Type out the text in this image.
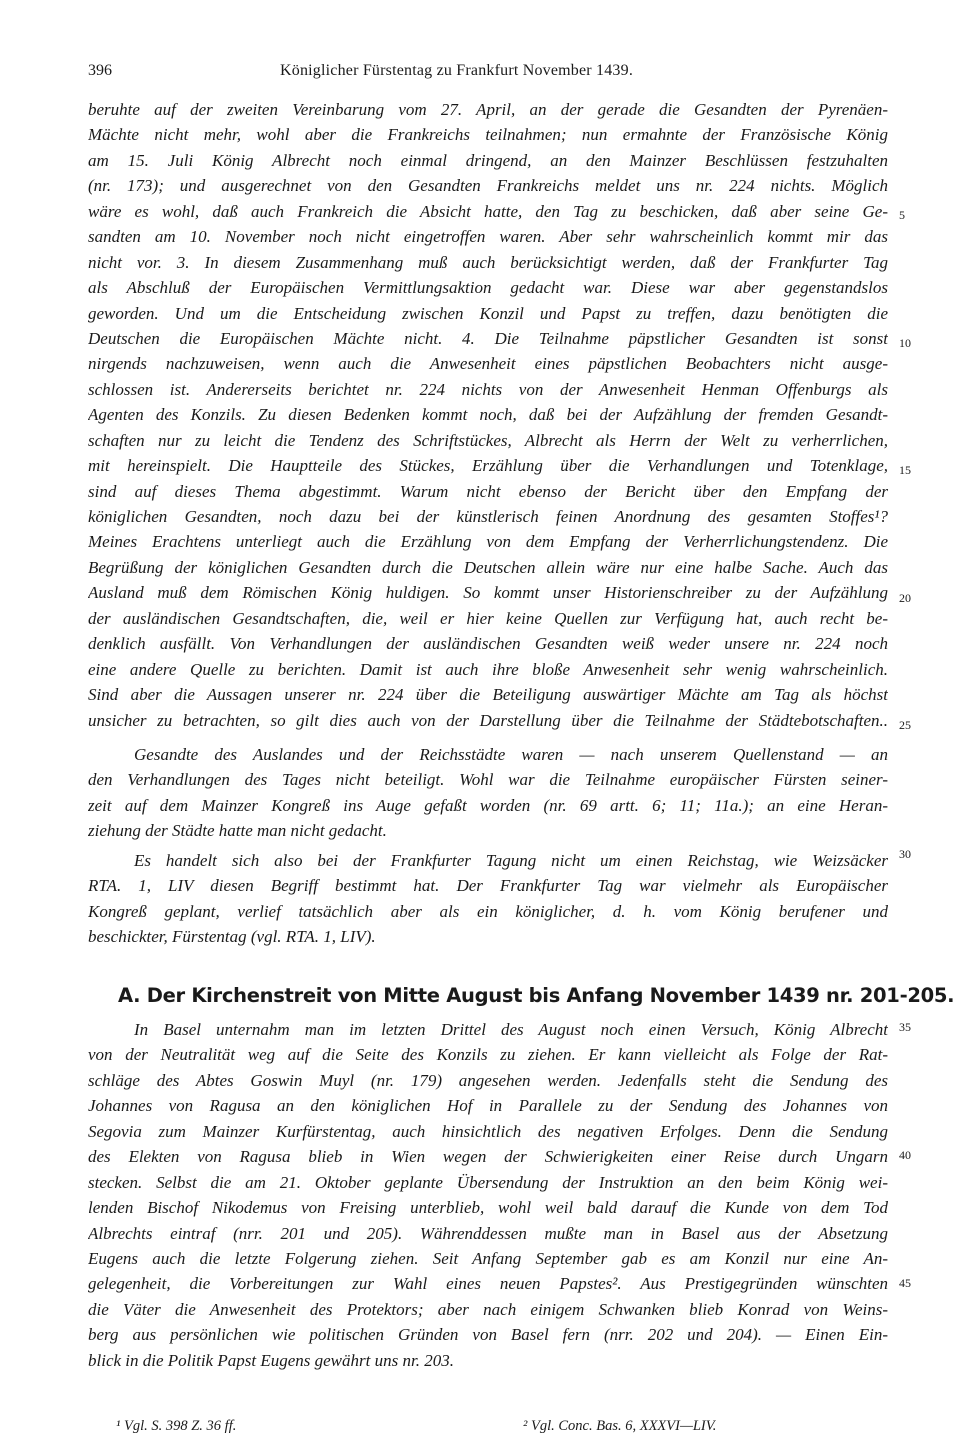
396	Königlicher Fürstentag zu Frankfurt November 1439.
beruhte auf der zweiten Vereinbarung vom 27. April, an der gerade die Gesandten der Pyrenäen-
Mächte nicht mehr, wohl aber die Frankreichs teilnahmen; nun ermahnte der Französische König
am 15. Juli König Albrecht noch einmal dringend, an den Mainzer Beschlüssen festzuhalten
(nr. 173); und ausgerechnet von den Gesandten Frankreichs meldet uns nr. 224 nichts. Möglich
wäre es wohl, daß auch Frankreich die Absicht hatte, den Tag zu beschicken, daß aber seine Ge-
sandten am 10. November noch nicht eingetroffen waren. Aber sehr wahrscheinlich kommt mir das
nicht vor. 3. In diesem Zusammenhang muß auch berücksichtigt werden, daß der Frankfurter Tag
als Abschluß der Europäischen Vermittlungsaktion gedacht war. Diese war aber gegenstandslos
geworden. Und um die Entscheidung zwischen Konzil und Papst zu treffen, dazu benötigten die
Deutschen die Europäischen Mächte nicht. 4. Die Teilnahme päpstlicher Gesandten ist sonst
nirgends nachzuweisen, wenn auch die Anwesenheit eines päpstlichen Beobachters nicht ausge-
schlossen ist. Andererseits berichtet nr. 224 nichts von der Anwesenheit Henman Offenburgs als
Agenten des Konzils. Zu diesen Bedenken kommt noch, daß bei der Aufzählung der fremden Gesandt-
schaften nur zu leicht die Tendenz des Schriftstückes, Albrecht als Herrn der Welt zu verherrlichen,
mit hereinspielt. Die Hauptteile des Stückes, Erzählung über die Verhandlungen und Totenklage,
sind auf dieses Thema abgestimmt. Warum nicht ebenso der Bericht über den Empfang der
königlichen Gesandten, noch dazu bei der künstlerisch feinen Anordnung des gesamten Stoffes¹?
Meines Erachtens unterliegt auch die Erzählung von dem Empfang der Verherrlichungstendenz. Die
Begrüßung der königlichen Gesandten durch die Deutschen allein wäre nur eine halbe Sache. Auch das
Ausland muß dem Römischen König huldigen. So kommt unser Historienschreiber zu der Aufzählung
der ausländischen Gesandtschaften, die, weil er hier keine Quellen zur Verfügung hat, auch recht be-
denklich ausfällt. Von Verhandlungen der ausländischen Gesandten weiß weder unsere nr. 224 noch
eine andere Quelle zu berichten. Damit ist auch ihre bloße Anwesenheit sehr wenig wahrscheinlich.
Sind aber die Aussagen unserer nr. 224 über die Beteiligung auswärtiger Mächte am Tag als höchst
unsicher zu betrachten, so gilt dies auch von der Darstellung über die Teilnahme der Städtebotschaften..
Gesandte des Auslandes und der Reichsstädte waren — nach unserem Quellenstand — an
den Verhandlungen des Tages nicht beteiligt. Wohl war die Teilnahme europäischer Fürsten seiner-
zeit auf dem Mainzer Kongreß ins Auge gefaßt worden (nr. 69 artt. 6; 11; 11a.); an eine Heran-
ziehung der Städte hatte man nicht gedacht.
Es handelt sich also bei der Frankfurter Tagung nicht um einen Reichstag, wie Weizsäcker
RTA. 1, LIV diesen Begriff bestimmt hat. Der Frankfurter Tag war vielmehr als Europäischer
Kongreß geplant, verlief tatsächlich aber als ein königlicher, d. h. vom König berufener und
beschickter, Fürstentag (vgl. RTA. 1, LIV).
A. Der Kirchenstreit von Mitte August bis Anfang November 1439 nr. 201-205.
In Basel unternahm man im letzten Drittel des August noch einen Versuch, König Albrecht
von der Neutralität weg auf die Seite des Konzils zu ziehen. Er kann vielleicht als Folge der Rat-
schläge des Abtes Goswin Muyl (nr. 179) angesehen werden. Jedenfalls steht die Sendung des
Johannes von Ragusa an den königlichen Hof in Parallele zu der Sendung des Johannes von
Segovia zum Mainzer Kurfürstentag, auch hinsichtlich des negativen Erfolges. Denn die Sendung
des Elekten von Ragusa blieb in Wien wegen der Schwierigkeiten einer Reise durch Ungarn
stecken. Selbst die am 21. Oktober geplante Übersendung der Instruktion an den beim König wei-
lenden Bischof Nikodemus von Freising unterblieb, wohl weil bald darauf die Kunde von dem Tod
Albrechts eintraf (nrr. 201 und 205). Währenddessen mußte man in Basel aus der Absetzung
Eugens auch die letzte Folgerung ziehen. Seit Anfang September gab es am Konzil nur eine An-
gelegenheit, die Vorbereitungen zur Wahl eines neuen Papstes². Aus Prestigegründen wünschten
die Väter die Anwesenheit des Protektors; aber nach einigem Schwanken blieb Konrad von Weins-
berg aus persönlichen wie politischen Gründen von Basel fern (nrr. 202 und 204). — Einen Ein-
blick in die Politik Papst Eugens gewährt uns nr. 203.
5
10
15
20
25
30
35
40
45
¹ Vgl. S. 398 Z. 36 ff.	² Vgl. Conc. Bas. 6, XXXVI—LIV.
